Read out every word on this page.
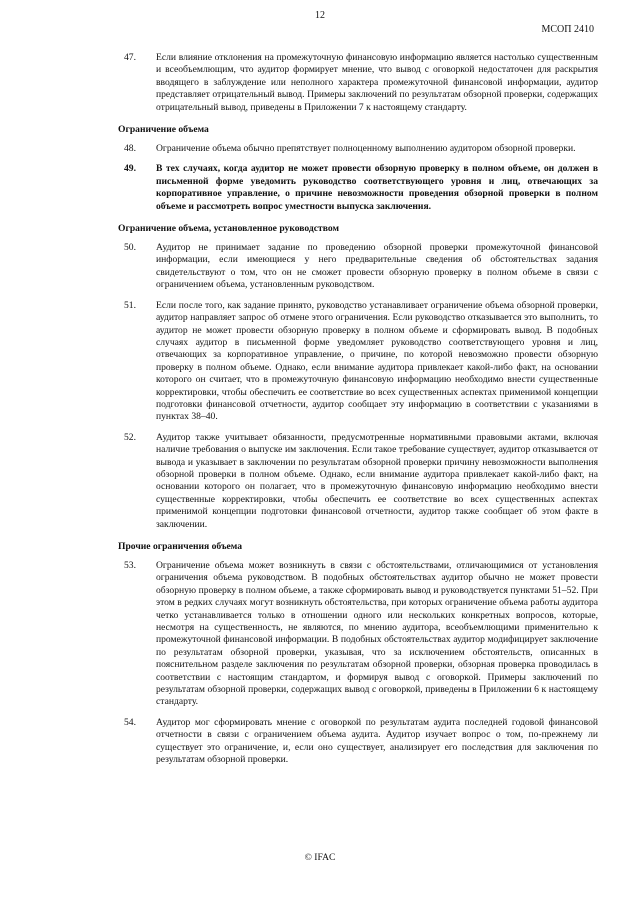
12
МСОП 2410
47.	Если влияние отклонения на промежуточную финансовую информацию является настолько существенным и всеобъемлющим, что аудитор формирует мнение, что вывод с оговоркой недостаточен для раскрытия вводящего в заблуждение или неполного характера промежуточной финансовой информации, аудитор представляет отрицательный вывод. Примеры заключений по результатам обзорной проверки, содержащих отрицательный вывод, приведены в Приложении 7 к настоящему стандарту.
Ограничение объема
48.	Ограничение объема обычно препятствует полноценному выполнению аудитором обзорной проверки.
49.	В тех случаях, когда аудитор не может провести обзорную проверку в полном объеме, он должен в письменной форме уведомить руководство соответствующего уровня и лиц, отвечающих за корпоративное управление, о причине невозможности проведения обзорной проверки в полном объеме и рассмотреть вопрос уместности выпуска заключения.
Ограничение объема, установленное руководством
50.	Аудитор не принимает задание по проведению обзорной проверки промежуточной финансовой информации, если имеющиеся у него предварительные сведения об обстоятельствах задания свидетельствуют о том, что он не сможет провести обзорную проверку в полном объеме в связи с ограничением объема, установленным руководством.
51.	Если после того, как задание принято, руководство устанавливает ограничение объема обзорной проверки, аудитор направляет запрос об отмене этого ограничения. Если руководство отказывается это выполнить, то аудитор не может провести обзорную проверку в полном объеме и сформировать вывод. В подобных случаях аудитор в письменной форме уведомляет руководство соответствующего уровня и лиц, отвечающих за корпоративное управление, о причине, по которой невозможно провести обзорную проверку в полном объеме. Однако, если внимание аудитора привлекает какой-либо факт, на основании которого он считает, что в промежуточную финансовую информацию необходимо внести существенные корректировки, чтобы обеспечить ее соответствие во всех существенных аспектах применимой концепции подготовки финансовой отчетности, аудитор сообщает эту информацию в соответствии с указаниями в пунктах 38–40.
52.	Аудитор также учитывает обязанности, предусмотренные нормативными правовыми актами, включая наличие требования о выпуске им заключения. Если такое требование существует, аудитор отказывается от вывода и указывает в заключении по результатам обзорной проверки причину невозможности выполнения обзорной проверки в полном объеме. Однако, если внимание аудитора привлекает какой-либо факт, на основании которого он полагает, что в промежуточную финансовую информацию необходимо внести существенные корректировки, чтобы обеспечить ее соответствие во всех существенных аспектах применимой концепции подготовки финансовой отчетности, аудитор также сообщает об этом факте в заключении.
Прочие ограничения объема
53.	Ограничение объема может возникнуть в связи с обстоятельствами, отличающимися от установления ограничения объема руководством. В подобных обстоятельствах аудитор обычно не может провести обзорную проверку в полном объеме, а также сформировать вывод и руководствуется пунктами 51–52. При этом в редких случаях могут возникнуть обстоятельства, при которых ограничение объема работы аудитора четко устанавливается только в отношении одного или нескольких конкретных вопросов, которые, несмотря на существенность, не являются, по мнению аудитора, всеобъемлющими применительно к промежуточной финансовой информации. В подобных обстоятельствах аудитор модифицирует заключение по результатам обзорной проверки, указывая, что за исключением обстоятельств, описанных в пояснительном разделе заключения по результатам обзорной проверки, обзорная проверка проводилась в соответствии с настоящим стандартом, и формируя вывод с оговоркой. Примеры заключений по результатам обзорной проверки, содержащих вывод с оговоркой, приведены в Приложении 6 к настоящему стандарту.
54.	Аудитор мог сформировать мнение с оговоркой по результатам аудита последней годовой финансовой отчетности в связи с ограничением объема аудита. Аудитор изучает вопрос о том, по-прежнему ли существует это ограничение, и, если оно существует, анализирует его последствия для заключения по результатам обзорной проверки.
© IFAC
